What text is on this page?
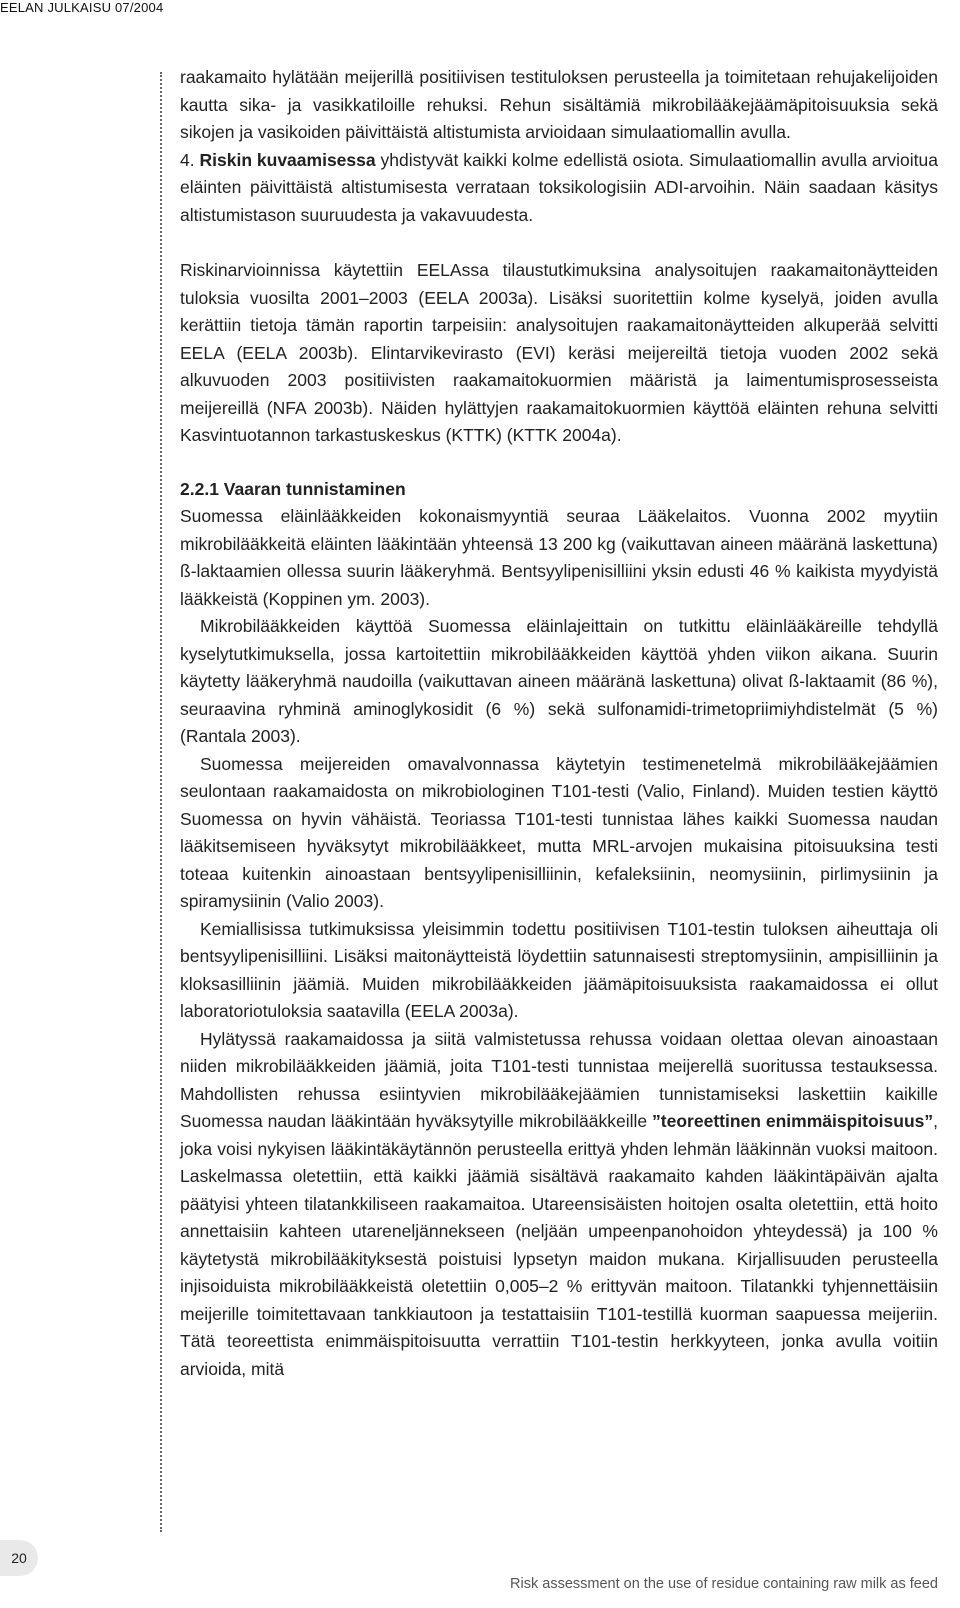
EELAN JULKAISU 07/2004

raakamaito hylätään meijerillä positiivisen testituloksen perusteella ja toimitetaan rehujakelijoiden kautta sika- ja vasikkatiloille rehuksi. Rehun sisältämiä mikrobilääkejäämäpitoisuuksia sekä sikojen ja vasikoiden päivittäistä altistumista arvioidaan simulaatiomallin avulla.

4. Riskin kuvaamisessa yhdistyvät kaikki kolme edellistä osiota. Simulaatiomallin avulla arvioitua eläinten päivittäistä altistumisesta verrataan toksikologisiin ADI-arvoihin. Näin saadaan käsitys altistumistason suuruudesta ja vakavuudesta.

Riskinarvioinnissa käytettiin EELAssa tilaustutkimuksina analysoitujen raakamaitonäytteiden tuloksia vuosilta 2001–2003 (EELA 2003a). Lisäksi suoritettiin kolme kyselyä, joiden avulla kerättiin tietoja tämän raportin tarpeisiin: analysoitujen raakamaitonäytteiden alkuperää selvitti EELA (EELA 2003b). Elintarvikevirasto (EVI) keräsi meijereiltä tietoja vuoden 2002 sekä alkuvuoden 2003 positiivisten raakamaitokuormien määristä ja laimentumisprosesseista meijereillä (NFA 2003b). Näiden hylättyjen raakamaitokuormien käyttöä eläinten rehuna selvitti Kasvintuotannon tarkastuskeskus (KTTK) (KTTK 2004a).

2.2.1 Vaaran tunnistaminen

Suomessa eläinlääkkeiden kokonaismyyntiä seuraa Lääkelaitos. Vuonna 2002 myytiin mikrobilääkkeitä eläinten lääkintään yhteensä 13 200 kg (vaikuttavan aineen määränä laskettuna) ß-laktaamien ollessa suurin lääkeryhmä. Bentsyylipenisilliini yksin edusti 46 % kaikista myydyistä lääkkeistä (Koppinen ym. 2003).

Mikrobilääkkeiden käyttöä Suomessa eläinlajeittain on tutkittu eläinlääkäreille tehdyllä kyselytutkimuksella, jossa kartoitettiin mikrobilääkkeiden käyttöä yhden viikon aikana. Suurin käytetty lääkeryhmä naudoilla (vaikuttavan aineen määränä laskettuna) olivat ß-laktaamit (86 %), seuraavina ryhminä aminoglykosidit (6 %) sekä sulfonamidi-trimetopriimiyhdistelmät (5 %) (Rantala 2003).

Suomessa meijereiden omavalvonnassa käytetyin testimenetelmä mikrobilääkejäämien seulontaan raakamaidosta on mikrobiologinen T101-testi (Valio, Finland). Muiden testien käyttö Suomessa on hyvin vähäistä. Teoriassa T101-testi tunnistaa lähes kaikki Suomessa naudan lääkitsemiseen hyväksytyt mikrobilääkkeet, mutta MRL-arvojen mukaisina pitoisuuksina testi toteaa kuitenkin ainoastaan bentsyylipenisilliinin, kefaleksiinin, neomysiinin, pirlimysiinin ja spiramysiinin (Valio 2003).

Kemiallisissa tutkimuksissa yleisimmin todettu positiivisen T101-testin tuloksen aiheuttaja oli bentsyylipenisilliini. Lisäksi maitonäytteistä löydettiin satunnaisesti streptomysiinin, ampisilliinin ja kloksasilliinin jäämiä. Muiden mikrobilääkkeiden jäämäpitoisuuksista raakamaidossa ei ollut laboratoriotuloksia saatavilla (EELA 2003a).

Hylätyssä raakamaidossa ja siitä valmistetussa rehussa voidaan olettaa olevan ainoastaan niiden mikrobilääkkeiden jäämiä, joita T101-testi tunnistaa meijerellä suoritussa testauksessa. Mahdollisten rehussa esiintyvien mikrobilääkejäämien tunnistamiseksi laskettiin kaikille Suomessa naudan lääkintään hyväksytyille mikrobilääkkeille ”teoreettinen enimmäispitoisuus”, joka voisi nykyisen lääkintäkäytännön perusteella erittyä yhden lehmän lääkinnän vuoksi maitoon. Laskelmassa oletettiin, että kaikki jäämiä sisältävä raakamaito kahden lääkintäpäivän ajalta päätyisi yhteen tilatankkiliseen raakamaitoa. Utareensisäisten hoitojen osalta oletettiin, että hoito annettaisiin kahteen utareneljännekseen (neljään umpeenpanohoidon yhteydessä) ja 100 % käytetystä mikrobilääkityksestä poistuisi lypsetyn maidon mukana. Kirjallisuuden perusteella injisoiduista mikrobilääkkeistä oletettiin 0,005–2 % erittyvän maitoon. Tilatankki tyhjennettäisiin meijerille toimitettavaan tankkiautoon ja testattaisiin T101-testillä kuorman saapuessa meijeriin. Tätä teoreettista enimmäispitoisuutta verrattiin T101-testin herkkyyteen, jonka avulla voitiin arvioida, mitä

20
Risk assessment on the use of residue containing raw milk as feed
